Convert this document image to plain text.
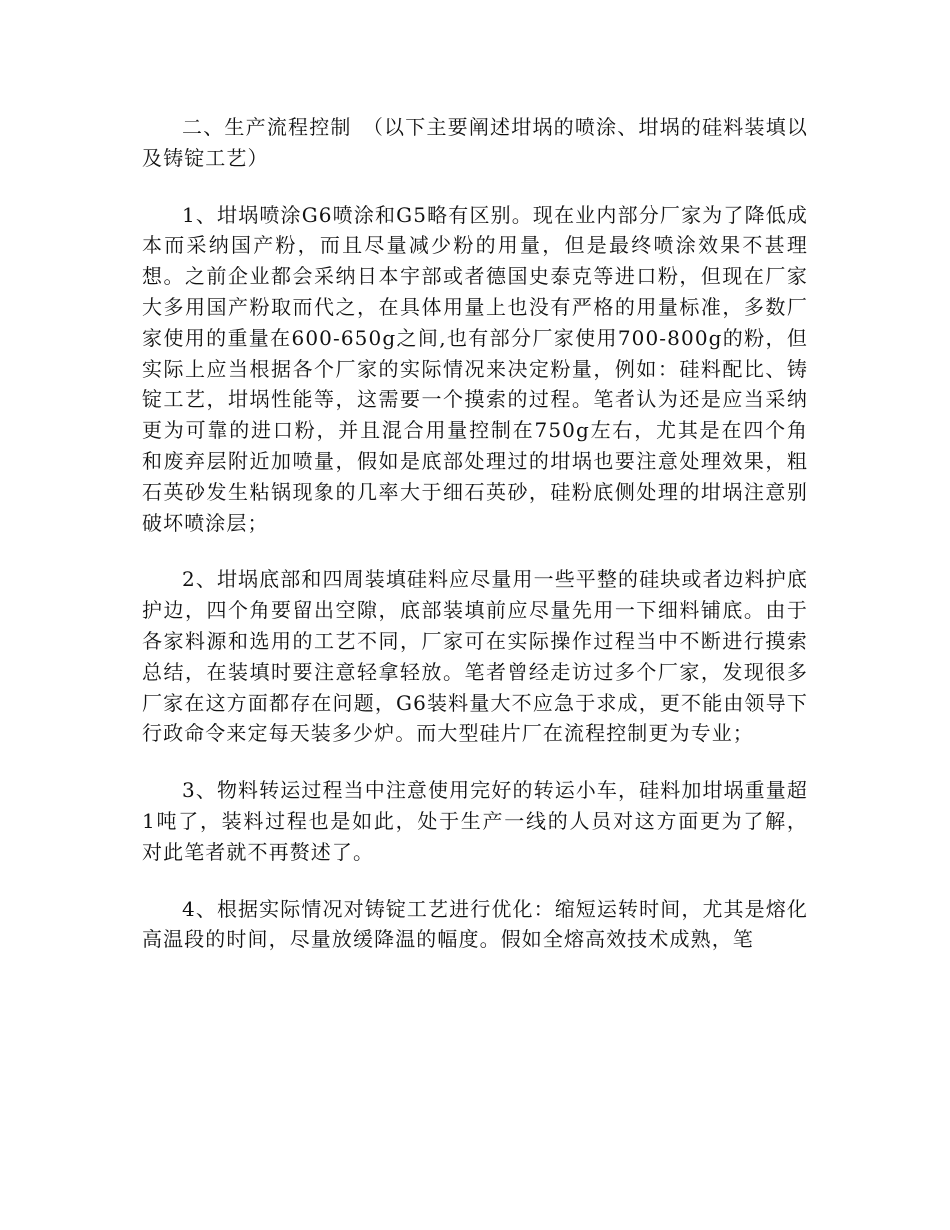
二、生产流程控制　（以下主要阐述坩埚的喷涂、坩埚的硅料装填以及铸锭工艺）

1、坩埚喷涂G6喷涂和G5略有区别。现在业内部分厂家为了降低成本而采纳国产粉，而且尽量减少粉的用量，但是最终喷涂效果不甚理想。之前企业都会采纳日本宇部或者德国史泰克等进口粉，但现在厂家大多用国产粉取而代之，在具体用量上也没有严格的用量标准，多数厂家使用的重量在600-650g之间,也有部分厂家使用700-800g的粉，但实际上应当根据各个厂家的实际情况来决定粉量，例如：硅料配比、铸锭工艺，坩埚性能等，这需要一个摸索的过程。笔者认为还是应当采纳更为可靠的进口粉，并且混合用量控制在750g左右，尤其是在四个角和废弃层附近加喷量，假如是底部处理过的坩埚也要注意处理效果，粗石英砂发生粘锅现象的几率大于细石英砂，硅粉底侧处理的坩埚注意别破坏喷涂层；

2、坩埚底部和四周装填硅料应尽量用一些平整的硅块或者边料护底护边，四个角要留出空隙，底部装填前应尽量先用一下细料铺底。由于各家料源和选用的工艺不同，厂家可在实际操作过程当中不断进行摸索总结，在装填时要注意轻拿轻放。笔者曾经走访过多个厂家，发现很多厂家在这方面都存在问题，G6装料量大不应急于求成，更不能由领导下行政命令来定每天装多少炉。而大型硅片厂在流程控制更为专业；

3、物料转运过程当中注意使用完好的转运小车，硅料加坩埚重量超1吨了，装料过程也是如此，处于生产一线的人员对这方面更为了解，对此笔者就不再赘述了。

4、根据实际情况对铸锭工艺进行优化：缩短运转时间，尤其是熔化高温段的时间，尽量放缓降温的幅度。假如全熔高效技术成熟，笔
